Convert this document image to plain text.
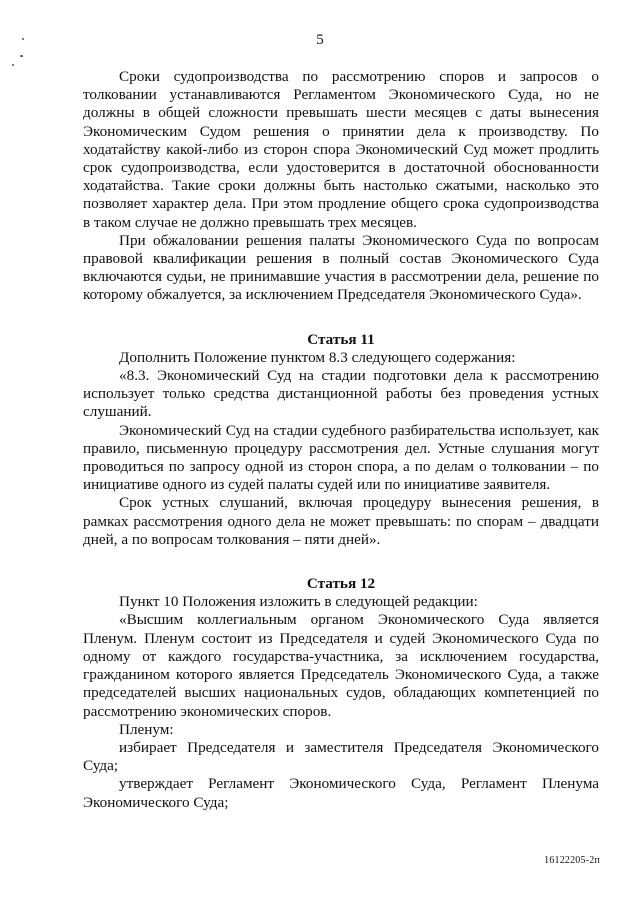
5

Сроки судопроизводства по рассмотрению споров и запросов о толковании устанавливаются Регламентом Экономического Суда, но не должны в общей сложности превышать шести месяцев с даты вынесения Экономическим Судом решения о принятии дела к производству. По ходатайству какой-либо из сторон спора Экономический Суд может продлить срок судопроизводства, если удостоверится в достаточной обоснованности ходатайства. Такие сроки должны быть настолько сжатыми, насколько это позволяет характер дела. При этом продление общего срока судопроизводства в таком случае не должно превышать трех месяцев.

При обжаловании решения палаты Экономического Суда по вопросам правовой квалификации решения в полный состав Экономического Суда включаются судьи, не принимавшие участия в рассмотрении дела, решение по которому обжалуется, за исключением Председателя Экономического Суда».

Статья 11

Дополнить Положение пунктом 8.3 следующего содержания:

«8.3. Экономический Суд на стадии подготовки дела к рассмотрению использует только средства дистанционной работы без проведения устных слушаний.

Экономический Суд на стадии судебного разбирательства использует, как правило, письменную процедуру рассмотрения дел. Устные слушания могут проводиться по запросу одной из сторон спора, а по делам о толковании – по инициативе одного из судей палаты судей или по инициативе заявителя.

Срок устных слушаний, включая процедуру вынесения решения, в рамках рассмотрения одного дела не может превышать: по спорам – двадцати дней, а по вопросам толкования – пяти дней».

Статья 12

Пункт 10 Положения изложить в следующей редакции:

«Высшим коллегиальным органом Экономического Суда является Пленум. Пленум состоит из Председателя и судей Экономического Суда по одному от каждого государства-участника, за исключением государства, гражданином которого является Председатель Экономического Суда, а также председателей высших национальных судов, обладающих компетенцией по рассмотрению экономических споров.

Пленум:

избирает Председателя и заместителя Председателя Экономического Суда;

утверждает Регламент Экономического Суда, Регламент Пленума Экономического Суда;

16122205-2п
